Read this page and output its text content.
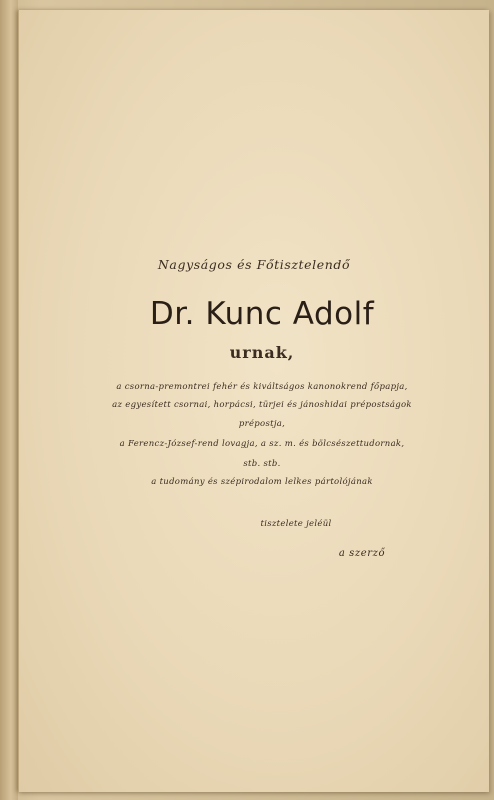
Nagyságos és Főtisztelendő
Dr. Kunc Adolf
urnak,
a csorna-premontrei fehér és kiváltságos kanonokrend főpapja,
az egyesített csornai, horpácsi, türjei és jánoshidai prépostságok
prépostja,
a Ferencz-József-rend lovagja, a sz. m. és bölcsészettudornak,
stb. stb.
a tudomány és szépirodalom lelkes pártolójának
tisztelete jeléül
a szerző
